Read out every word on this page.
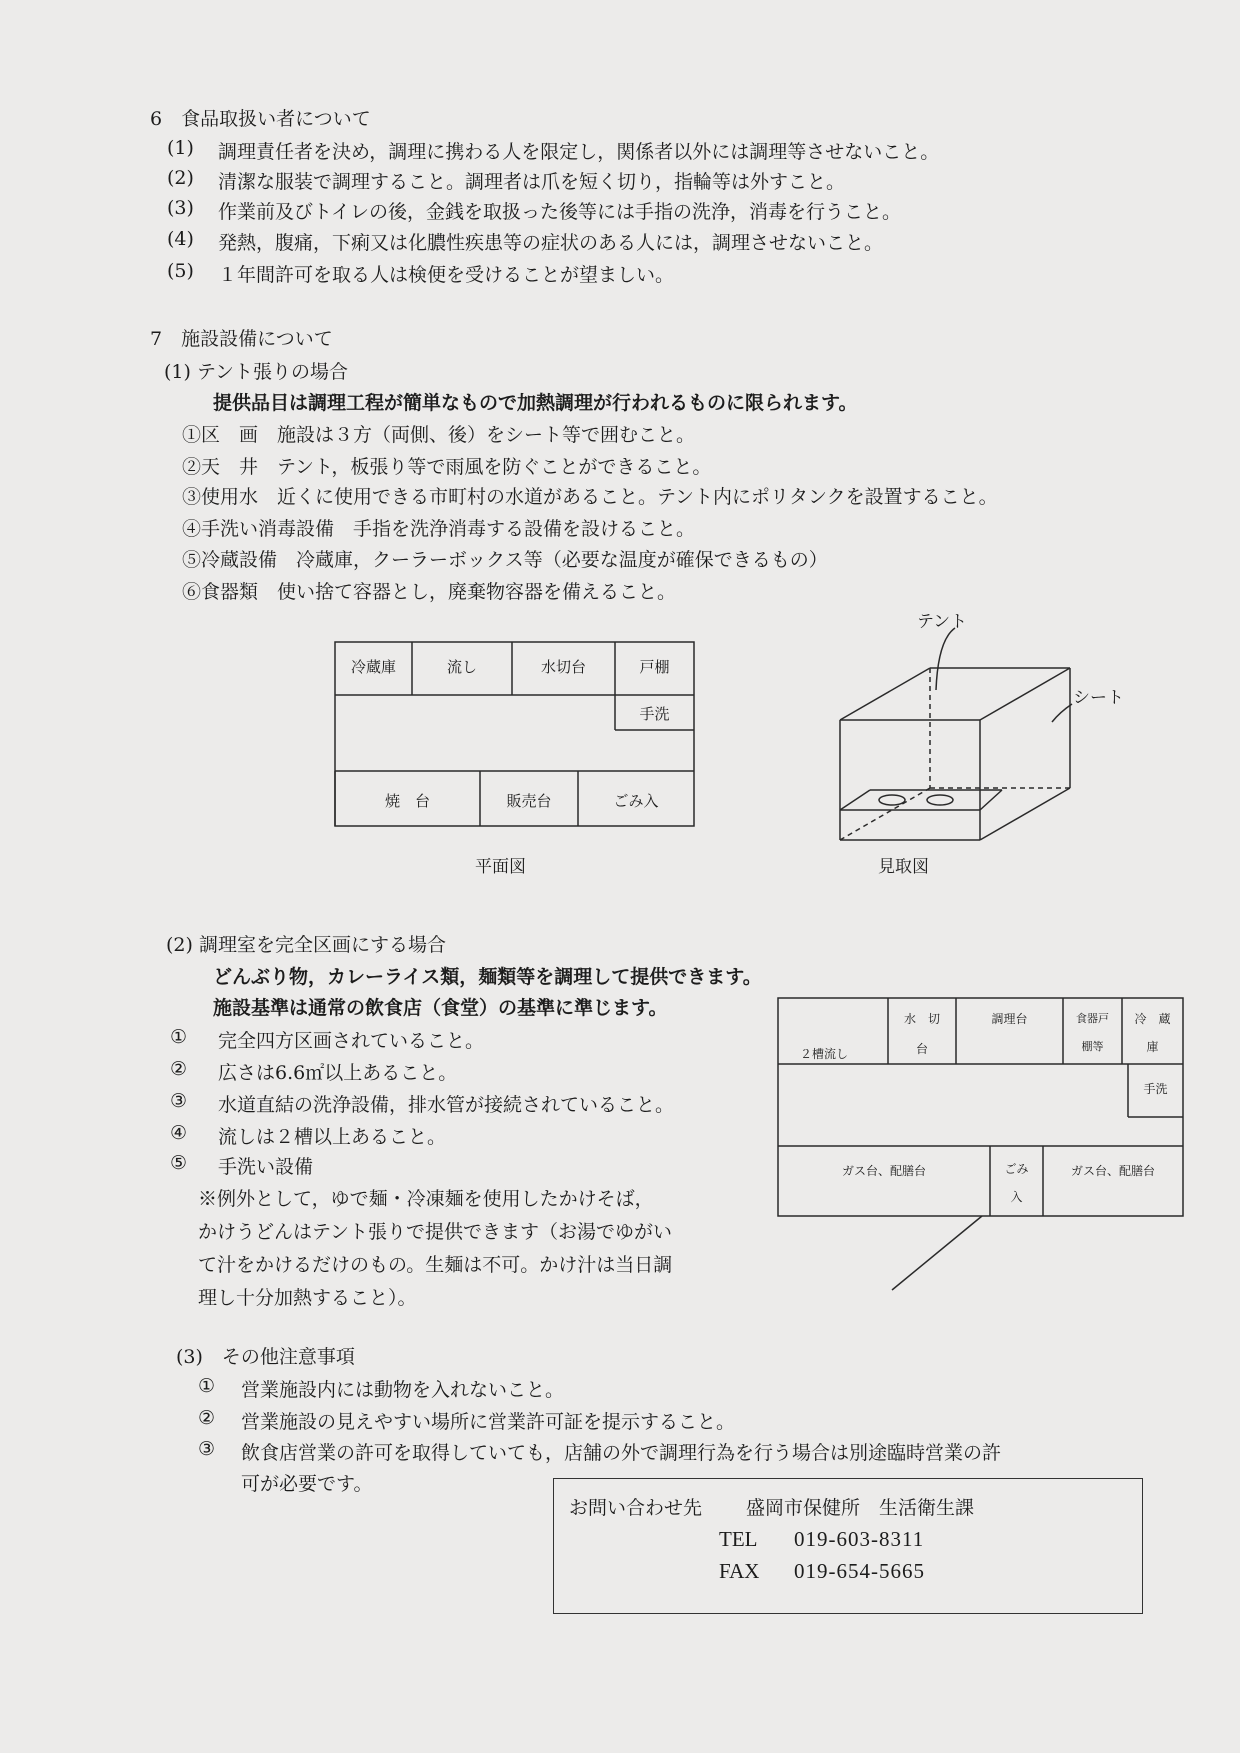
6　食品取扱い者について
(1) 調理責任者を決め，調理に携わる人を限定し，関係者以外には調理等させないこと。
(2) 清潔な服装で調理すること。調理者は爪を短く切り，指輪等は外すこと。
(3) 作業前及びトイレの後，金銭を取扱った後等には手指の洗浄，消毒を行うこと。
(4) 発熱，腹痛，下痢又は化膿性疾患等の症状のある人には，調理させないこと。
(5) １年間許可を取る人は検便を受けることが望ましい。
7　施設設備について
(1) テント張りの場合
提供品目は調理工程が簡単なもので加熱調理が行われるものに限られます。
①区　画　施設は３方（両側、後）をシート等で囲むこと。
②天　井　テント，板張り等で雨風を防ぐことができること。
③使用水　近くに使用できる市町村の水道があること。テント内にポリタンクを設置すること。
④手洗い消毒設備　手指を洗浄消毒する設備を設けること。
⑤冷蔵設備　冷蔵庫，クーラーボックス等（必要な温度が確保できるもの）
⑥食器類　使い捨て容器とし，廃棄物容器を備えること。
冷蔵庫	流し	水切台	戸棚
手洗
焼　台	販売台	ごみ入
平面図
テント
シート
見取図
(2) 調理室を完全区画にする場合
どんぶり物，カレーライス類，麺類等を調理して提供できます。
施設基準は通常の飲食店（食堂）の基準に準じます。
① 完全四方区画されていること。
② 広さは6.6㎡以上あること。
③ 水道直結の洗浄設備，排水管が接続されていること。
④ 流しは２槽以上あること。
⑤ 手洗い設備
※例外として，ゆで麺・冷凍麺を使用したかけそば，
かけうどんはテント張りで提供できます（お湯でゆがい
て汁をかけるだけのもの。生麺は不可。かけ汁は当日調
理し十分加熱すること）。
２槽流し
水　切
台
調理台	食器戸
棚等
冷　蔵
庫
手洗
ガス台、配膳台	ごみ
入
ガス台、配膳台
(3)　その他注意事項
① 営業施設内には動物を入れないこと。
② 営業施設の見えやすい場所に営業許可証を提示すること。
③ 飲食店営業の許可を取得していても，店舗の外で調理行為を行う場合は別途臨時営業の許
可が必要です。
お問い合わせ先 盛岡市保健所　生活衛生課
TEL 019-603-8311
FAX 019-654-5665
